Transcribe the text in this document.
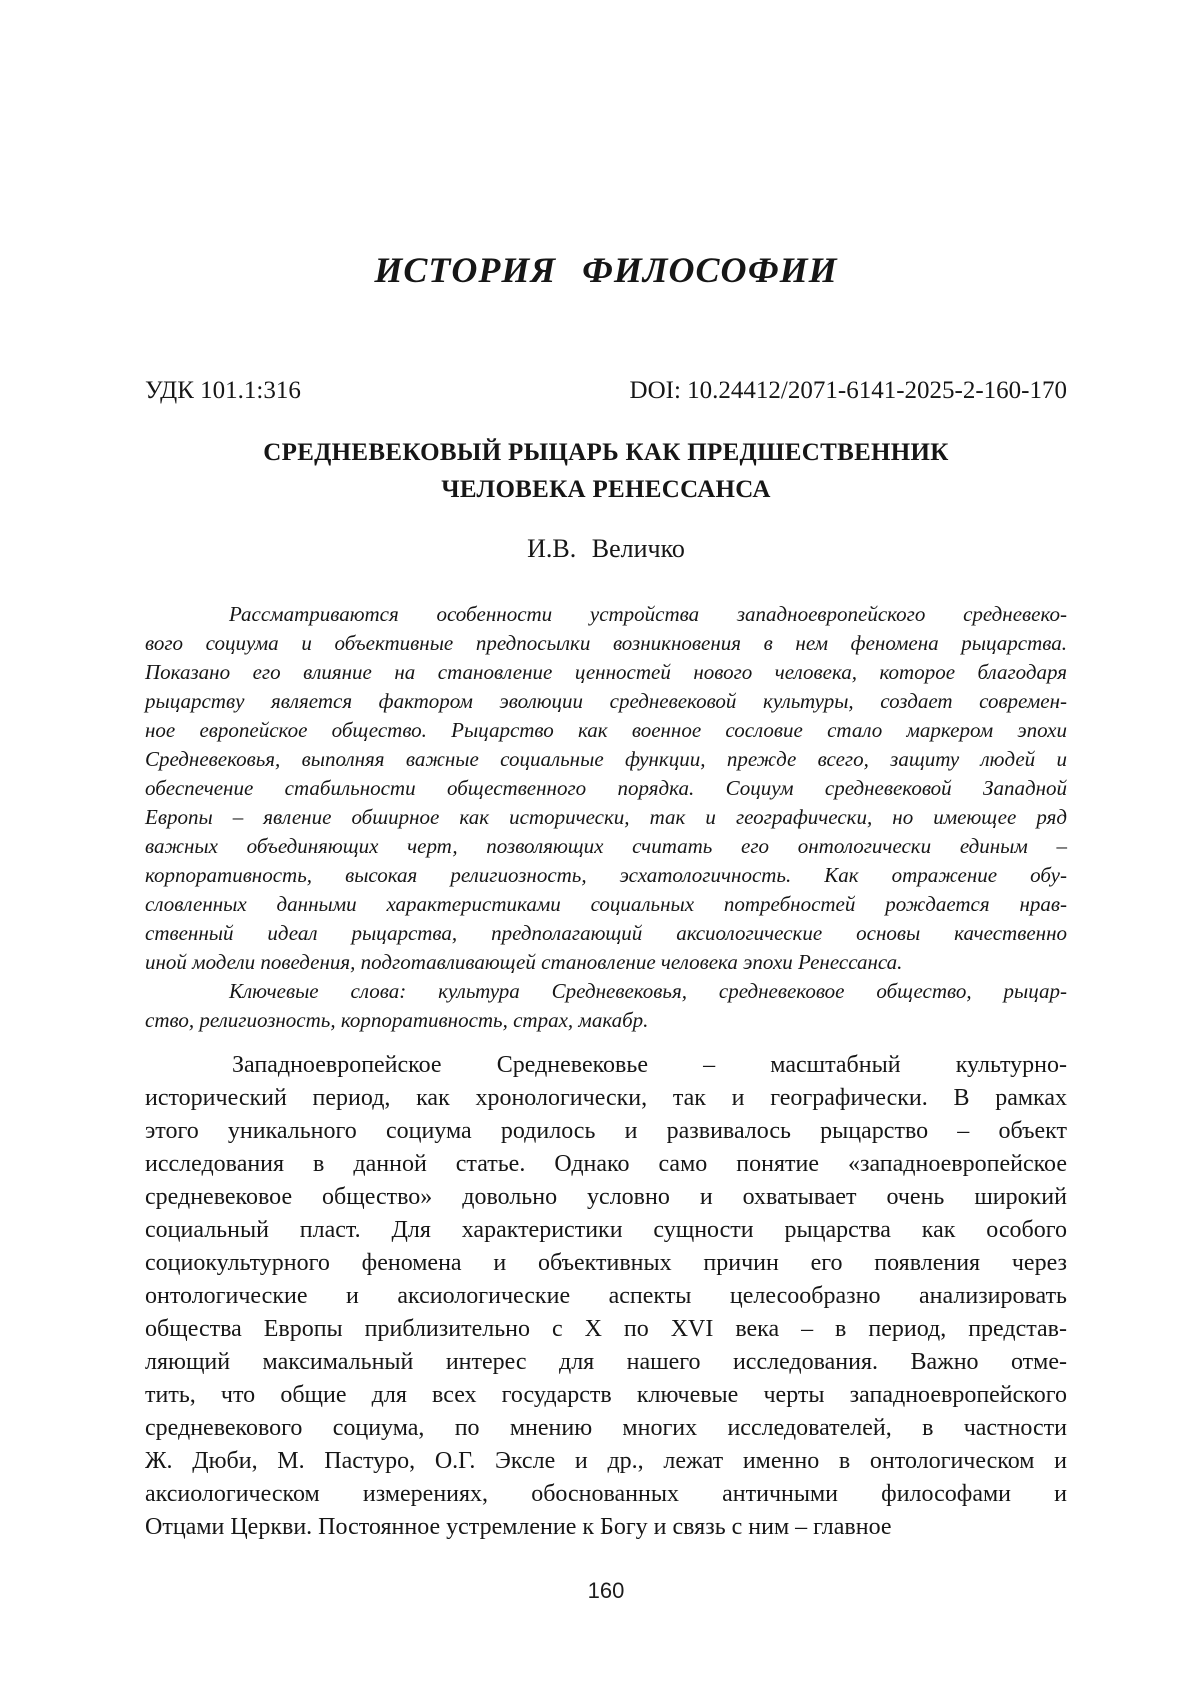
ИСТОРИЯ ФИЛОСОФИИ
УДК 101.1:316	DOI: 10.24412/2071-6141-2025-2-160-170
СРЕДНЕВЕКОВЫЙ РЫЦАРЬ КАК ПРЕДШЕСТВЕННИК
ЧЕЛОВЕКА РЕНЕССАНСА
И.В. Величко
Рассматриваются особенности устройства западноевропейского средневеко-
вого социума и объективные предпосылки возникновения в нем феномена рыцарства.
Показано его влияние на становление ценностей нового человека, которое благодаря
рыцарству является фактором эволюции средневековой культуры, создает современ-
ное европейское общество. Рыцарство как военное сословие стало маркером эпохи
Средневековья, выполняя важные социальные функции, прежде всего, защиту людей и
обеспечение стабильности общественного порядка. Социум средневековой Западной
Европы – явление обширное как исторически, так и географически, но имеющее ряд
важных объединяющих черт, позволяющих считать его онтологически единым –
корпоративность, высокая религиозность, эсхатологичность. Как отражение обу-
словленных данными характеристиками социальных потребностей рождается нрав-
ственный идеал рыцарства, предполагающий аксиологические основы качественно
иной модели поведения, подготавливающей становление человека эпохи Ренессанса.
Ключевые слова: культура Средневековья, средневековое общество, рыцар-
ство, религиозность, корпоративность, страх, макабр.
Западноевропейское Средневековье – масштабный культурно-
исторический период, как хронологически, так и географически. В рамках
этого уникального социума родилось и развивалось рыцарство – объект
исследования в данной статье. Однако само понятие «западноевропейское
средневековое общество» довольно условно и охватывает очень широкий
социальный пласт. Для характеристики сущности рыцарства как особого
социокультурного феномена и объективных причин его появления через
онтологические и аксиологические аспекты целесообразно анализировать
общества Европы приблизительно с X по XVI века – в период, представ-
ляющий максимальный интерес для нашего исследования. Важно отме-
тить, что общие для всех государств ключевые черты западноевропейского
средневекового социума, по мнению многих исследователей, в частности
Ж. Дюби, М. Пастуро, О.Г. Эксле и др., лежат именно в онтологическом и
аксиологическом измерениях, обоснованных античными философами и
Отцами Церкви. Постоянное устремление к Богу и связь с ним – главное
160
